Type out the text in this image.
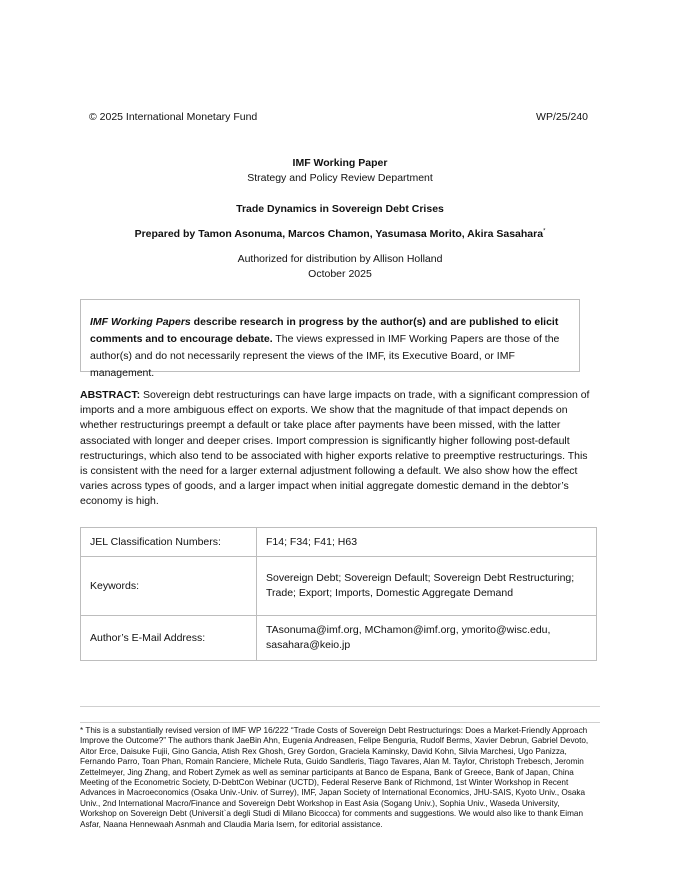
© 2025 International Monetary Fund	WP/25/240
IMF Working Paper
Strategy and Policy Review Department
Trade Dynamics in Sovereign Debt Crises
Prepared by Tamon Asonuma, Marcos Chamon, Yasumasa Morito, Akira Sasahara*
Authorized for distribution by Allison Holland
October 2025
IMF Working Papers describe research in progress by the author(s) and are published to elicit comments and to encourage debate. The views expressed in IMF Working Papers are those of the author(s) and do not necessarily represent the views of the IMF, its Executive Board, or IMF management.
ABSTRACT: Sovereign debt restructurings can have large impacts on trade, with a significant compression of imports and a more ambiguous effect on exports. We show that the magnitude of that impact depends on whether restructurings preempt a default or take place after payments have been missed, with the latter associated with longer and deeper crises. Import compression is significantly higher following post-default restructurings, which also tend to be associated with higher exports relative to preemptive restructurings. This is consistent with the need for a larger external adjustment following a default. We also show how the effect varies across types of goods, and a larger impact when initial aggregate domestic demand in the debtor’s economy is high.
JEL Classification Numbers:	F14; F34; F41; H63
Keywords:	Sovereign Debt; Sovereign Default; Sovereign Debt Restructuring; Trade; Export; Imports, Domestic Aggregate Demand
Author’s E-Mail Address:	TAsonuma@imf.org, MChamon@imf.org, ymorito@wisc.edu, sasahara@keio.jp
* This is a substantially revised version of IMF WP 16/222 “Trade Costs of Sovereign Debt Restructurings: Does a Market-Friendly Approach Improve the Outcome?” The authors thank JaeBin Ahn, Eugenia Andreasen, Felipe Benguria, Rudolf Berms, Xavier Debrun, Gabriel Devoto, Aitor Erce, Daisuke Fujii, Gino Gancia, Atish Rex Ghosh, Grey Gordon, Graciela Kaminsky, David Kohn, Silvia Marchesi, Ugo Panizza, Fernando Parro, Toan Phan, Romain Ranciere, Michele Ruta, Guido Sandleris, Tiago Tavares, Alan M. Taylor, Christoph Trebesch, Jeromin Zettelmeyer, Jing Zhang, and Robert Zymek as well as seminar participants at Banco de Espana, Bank of Greece, Bank of Japan, China Meeting of the Econometric Society, D-DebtCon Webinar (UCTD), Federal Reserve Bank of Richmond, 1st Winter Workshop in Recent Advances in Macroeconomics (Osaka Univ.-Univ. of Surrey), IMF, Japan Society of International Economics, JHU-SAIS, Kyoto Univ., Osaka Univ., 2nd International Macro/Finance and Sovereign Debt Workshop in East Asia (Sogang Univ.), Sophia Univ., Waseda University, Workshop on Sovereign Debt (Universit`a degli Studi di Milano Bicocca) for comments and suggestions. We would also like to thank Eiman Asfar, Naana Hennewaah Asnmah and Claudia Maria Isern, for editorial assistance.
